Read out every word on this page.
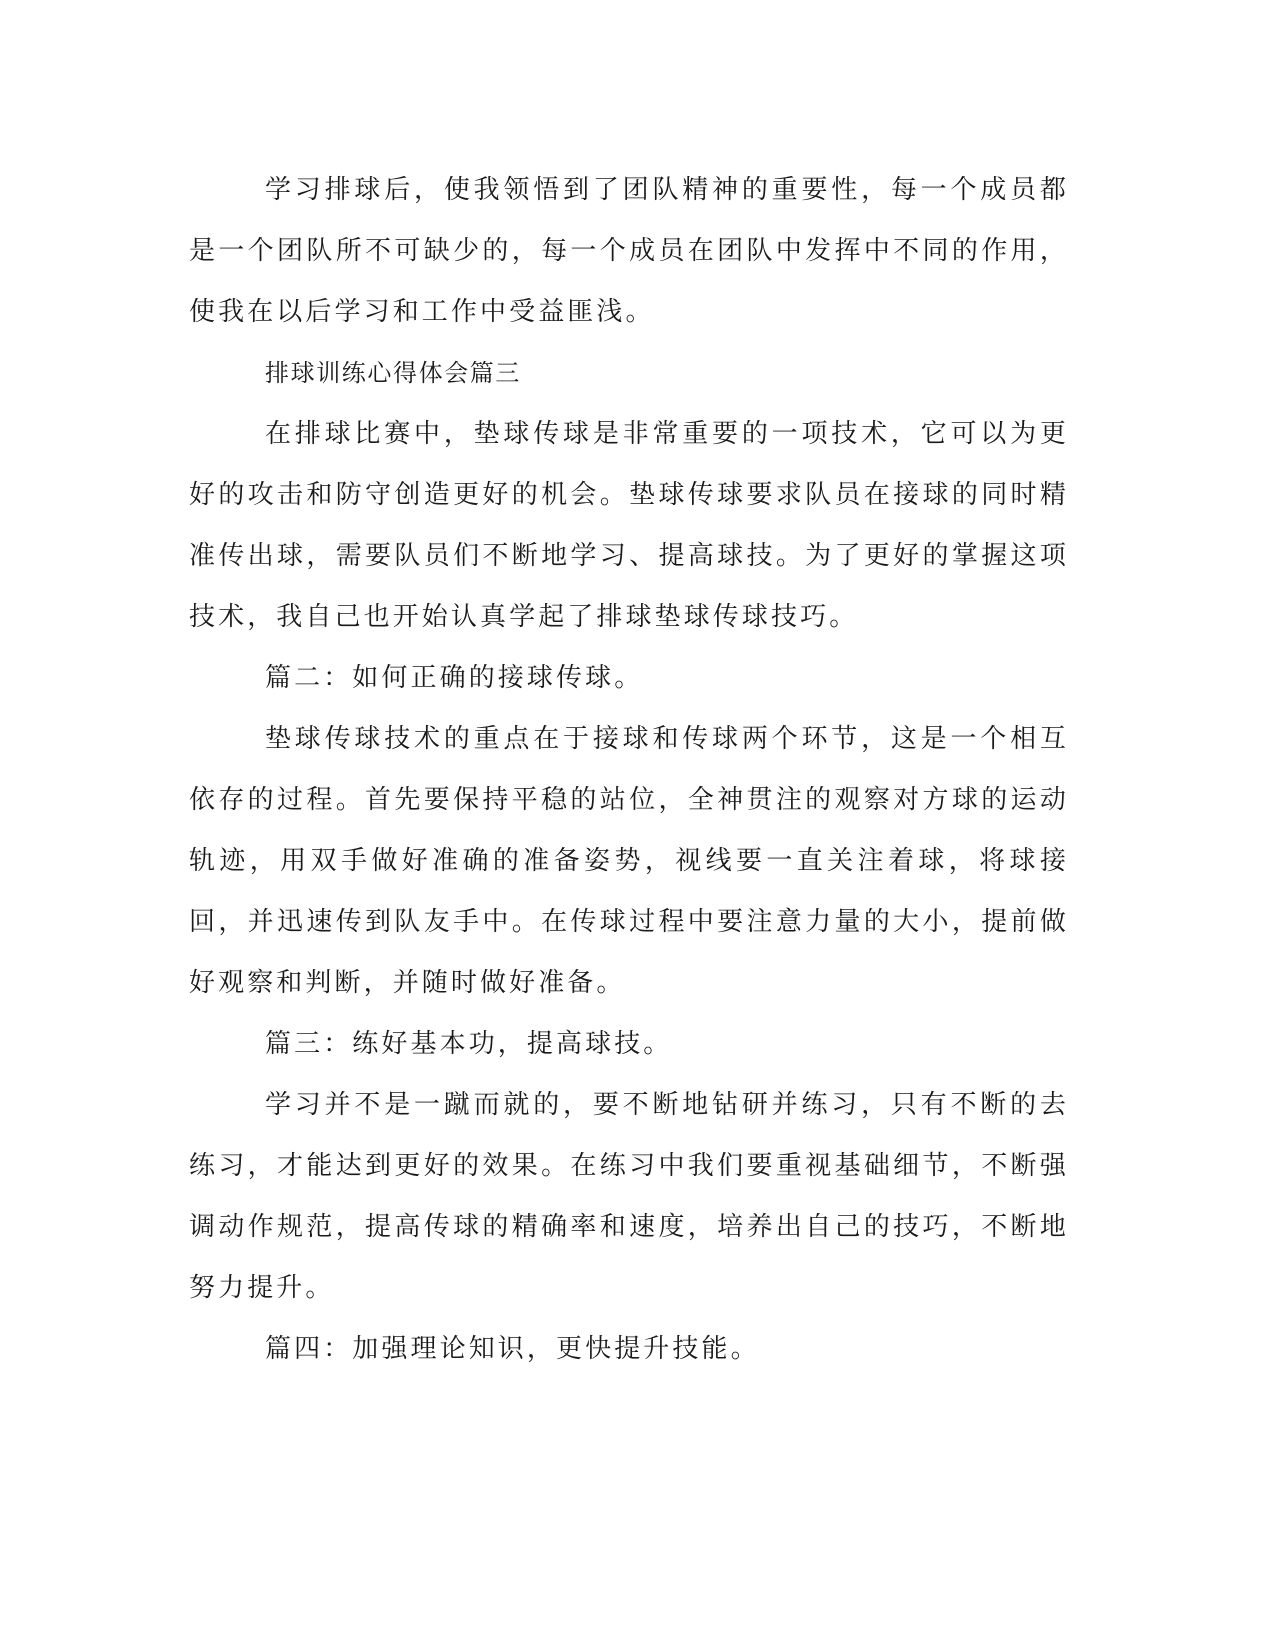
学习排球后，使我领悟到了团队精神的重要性，每一个成员都是一个团队所不可缺少的，每一个成员在团队中发挥中不同的作用，使我在以后学习和工作中受益匪浅。

排球训练心得体会篇三

在排球比赛中，垫球传球是非常重要的一项技术，它可以为更好的攻击和防守创造更好的机会。垫球传球要求队员在接球的同时精准传出球，需要队员们不断地学习、提高球技。为了更好的掌握这项技术，我自己也开始认真学起了排球垫球传球技巧。

篇二：如何正确的接球传球。

垫球传球技术的重点在于接球和传球两个环节，这是一个相互依存的过程。首先要保持平稳的站位，全神贯注的观察对方球的运动轨迹，用双手做好准确的准备姿势，视线要一直关注着球，将球接回，并迅速传到队友手中。在传球过程中要注意力量的大小，提前做好观察和判断，并随时做好准备。

篇三：练好基本功，提高球技。

学习并不是一蹴而就的，要不断地钻研并练习，只有不断的去练习，才能达到更好的效果。在练习中我们要重视基础细节，不断强调动作规范，提高传球的精确率和速度，培养出自己的技巧，不断地努力提升。

篇四：加强理论知识，更快提升技能。
